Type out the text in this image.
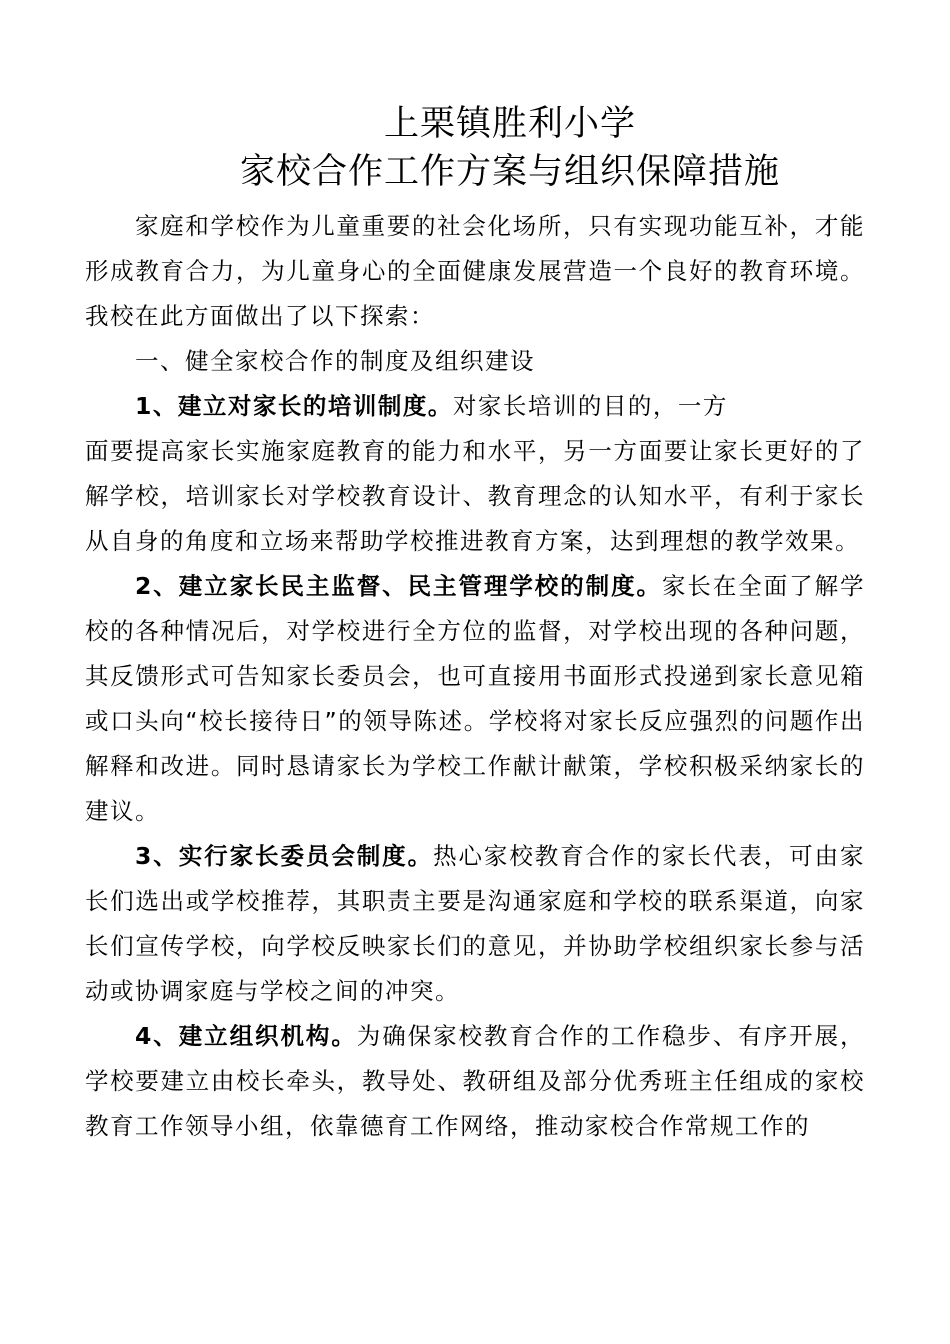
上栗镇胜利小学
家校合作工作方案与组织保障措施

家庭和学校作为儿童重要的社会化场所，只有实现功能互补，才能形成教育合力，为儿童身心的全面健康发展营造一个良好的教育环境。我校在此方面做出了以下探索：

一、健全家校合作的制度及组织建设

1、建立对家长的培训制度。对家长培训的目的，一方

面要提高家长实施家庭教育的能力和水平，另一方面要让家长更好的了解学校，培训家长对学校教育设计、教育理念的认知水平，有利于家长从自身的角度和立场来帮助学校推进教育方案，达到理想的教学效果。

2、建立家长民主监督、民主管理学校的制度。家长在全面了解学校的各种情况后，对学校进行全方位的监督，对学校出现的各种问题，其反馈形式可告知家长委员会，也可直接用书面形式投递到家长意见箱或口头向“校长接待日”的领导陈述。学校将对家长反应强烈的问题作出解释和改进。同时恳请家长为学校工作献计献策，学校积极采纳家长的建议。

3、实行家长委员会制度。热心家校教育合作的家长代表，可由家长们选出或学校推荐，其职责主要是沟通家庭和学校的联系渠道，向家长们宣传学校，向学校反映家长们的意见，并协助学校组织家长参与活动或协调家庭与学校之间的冲突。

4、建立组织机构。为确保家校教育合作的工作稳步、有序开展，学校要建立由校长牵头，教导处、教研组及部分优秀班主任组成的家校教育工作领导小组，依靠德育工作网络，推动家校合作常规工作的
